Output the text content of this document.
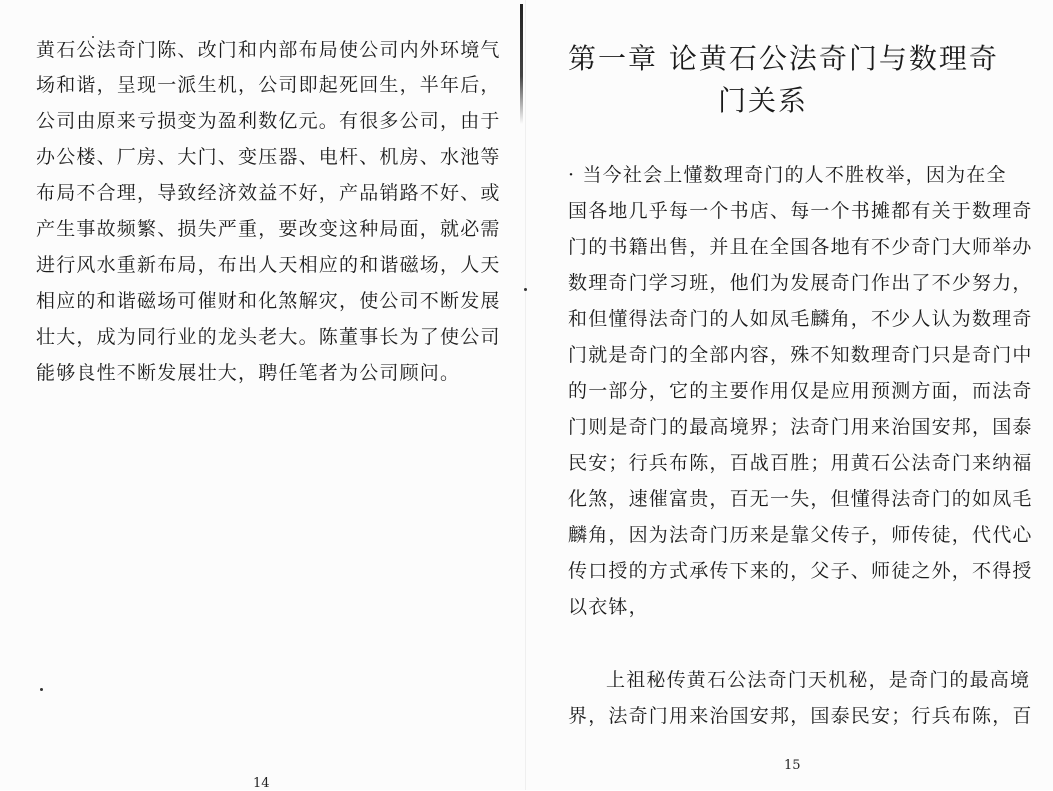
黄石公法奇门陈、改门和内部布局使公司内外环境气
场和谐，呈现一派生机，公司即起死回生，半年后，
公司由原来亏损变为盈利数亿元。有很多公司，由于
办公楼、厂房、大门、变压器、电杆、机房、水池等
布局不合理，导致经济效益不好，产品销路不好、或
产生事故频繁、损失严重，要改变这种局面，就必需
进行风水重新布局，布出人天相应的和谐磁场，人天
相应的和谐磁场可催财和化煞解灾，使公司不断发展
壮大，成为同行业的龙头老大。陈董事长为了使公司
能够良性不断发展壮大，聘任笔者为公司顾问。
14
第一章 论黄石公法奇门与数理奇
门关系
· 当今社会上懂数理奇门的人不胜枚举，因为在全
国各地几乎每一个书店、每一个书摊都有关于数理奇
门的书籍出售，并且在全国各地有不少奇门大师举办
数理奇门学习班，他们为发展奇门作出了不少努力，
和但懂得法奇门的人如凤毛麟角，不少人认为数理奇
门就是奇门的全部内容，殊不知数理奇门只是奇门中
的一部分，它的主要作用仅是应用预测方面，而法奇
门则是奇门的最高境界；法奇门用来治国安邦，国泰
民安；行兵布陈，百战百胜；用黄石公法奇门来纳福
化煞，速催富贵，百无一失，但懂得法奇门的如凤毛
麟角，因为法奇门历来是靠父传子，师传徒，代代心
传口授的方式承传下来的，父子、师徒之外，不得授
以衣钵，
上祖秘传黄石公法奇门天机秘，是奇门的最高境
界，法奇门用来治国安邦，国泰民安；行兵布陈，百
15
